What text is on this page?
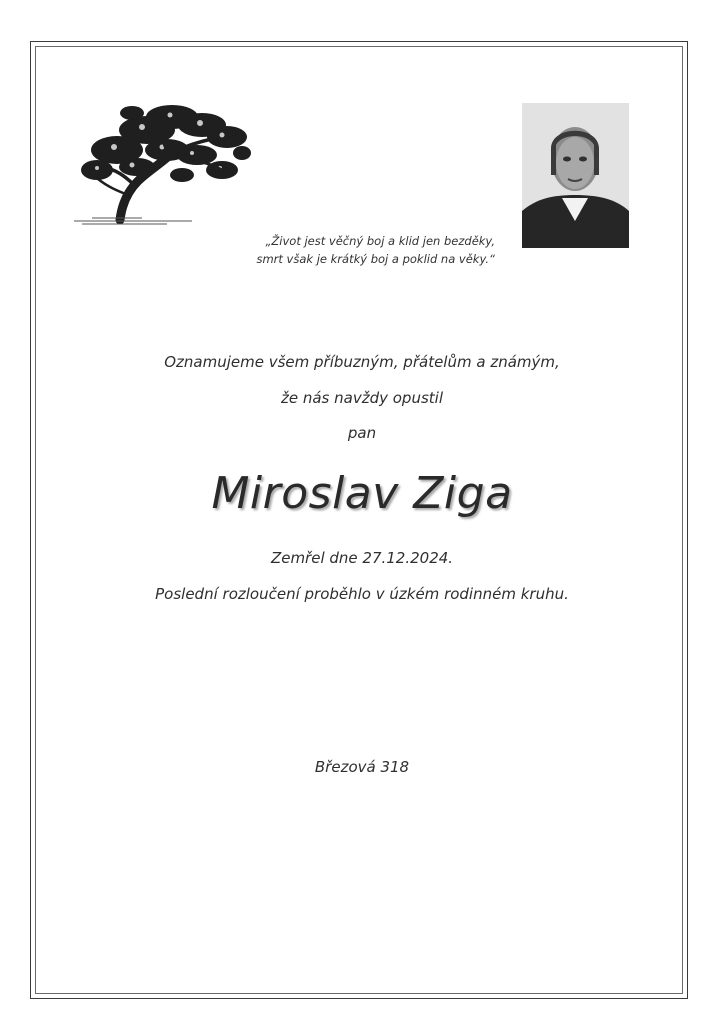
„Život jest věčný boj a klid jen bezděky,
smrt však je krátký boj a poklid na věky.“
Oznamujeme všem příbuzným, přátelům a známým,
že nás navždy opustil
pan
Miroslav Ziga
Zemřel dne 27.12.2024.
Poslední rozloučení proběhlo v úzkém rodinném kruhu.
Březová 318
